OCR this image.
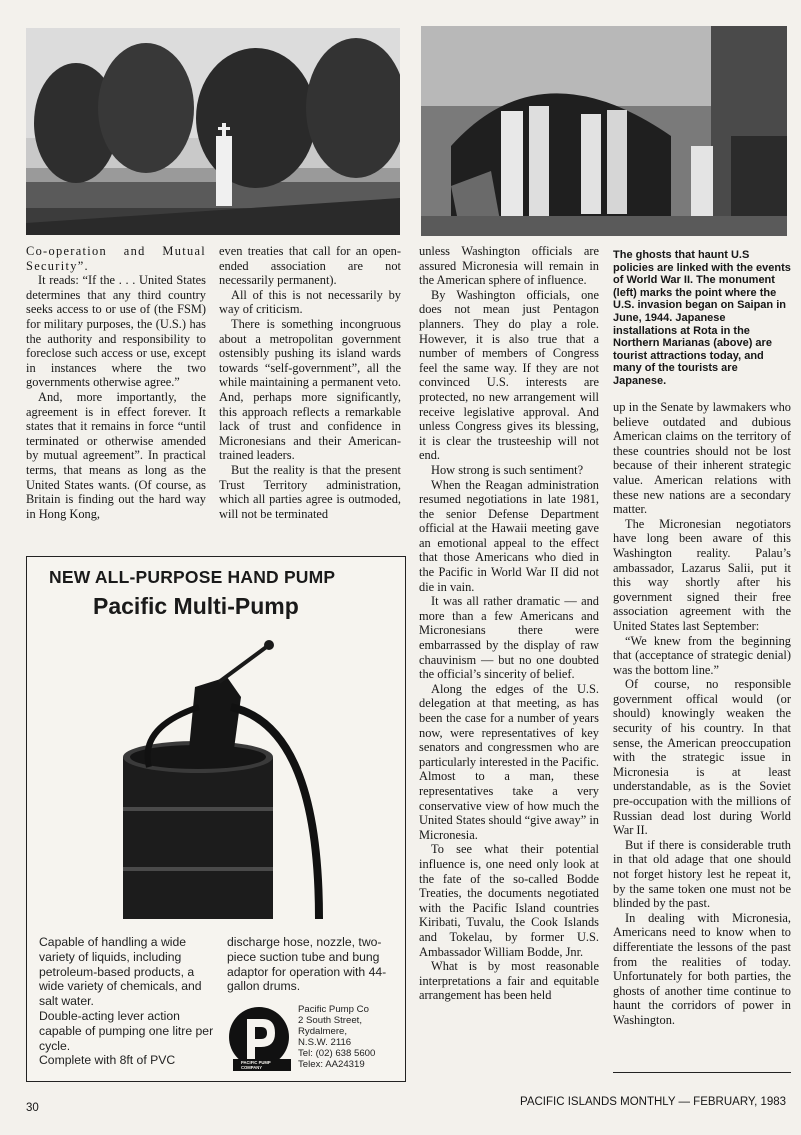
Co-operation and Mutual Security”.

It reads: “If the . . . United States determines that any third country seeks access to or use of (the FSM) for military purposes, the (U.S.) has the authority and responsibility to foreclose such access or use, except in instances where the two governments otherwise agree.”

And, more importantly, the agreement is in effect forever. It states that it remains in force “until terminated or otherwise amended by mutual agreement”. In practical terms, that means as long as the United States wants. (Of course, as Britain is finding out the hard way in Hong Kong,

even treaties that call for an open-ended association are not necessarily permanent).

All of this is not necessarily by way of criticism.

There is something incongruous about a metropolitan government ostensibly pushing its island wards towards “self-government”, all the while maintaining a permanent veto. And, perhaps more significantly, this approach reflects a remarkable lack of trust and confidence in Micronesians and their American-trained leaders.

But the reality is that the present Trust Territory administration, which all parties agree is outmoded, will not be terminated

unless Washington officials are assured Micronesia will remain in the American sphere of influence.

By Washington officials, one does not mean just Pentagon planners. They do play a role. However, it is also true that a number of members of Congress feel the same way. If they are not convinced U.S. interests are protected, no new arrangement will receive legislative approval. And unless Congress gives its blessing, it is clear the trusteeship will not end.

How strong is such sentiment?

When the Reagan administration resumed negotiations in late 1981, the senior Defense Department official at the Hawaii meeting gave an emotional appeal to the effect that those Americans who died in the Pacific in World War II did not die in vain.

It was all rather dramatic — and more than a few Americans and Micronesians there were embarrassed by the display of raw chauvinism — but no one doubted the official’s sincerity of belief.

Along the edges of the U.S. delegation at that meeting, as has been the case for a number of years now, were representatives of key senators and congressmen who are particularly interested in the Pacific. Almost to a man, these representatives take a very conservative view of how much the United States should “give away” in Micronesia.

To see what their potential influence is, one need only look at the fate of the so-called Bodde Treaties, the documents negotiated with the Pacific Island countries Kiribati, Tuvalu, the Cook Islands and Tokelau, by former U.S. Ambassador William Bodde, Jnr.

What is by most reasonable interpretations a fair and equitable arrangement has been held

The ghosts that haunt U.S policies are linked with the events of World War II. The monument (left) marks the point where the U.S. invasion began on Saipan in June, 1944. Japanese installations at Rota in the Northern Marianas (above) are tourist attractions today, and many of the tourists are Japanese.

up in the Senate by lawmakers who believe outdated and dubious American claims on the territory of these countries should not be lost because of their inherent strategic value. American relations with these new nations are a secondary matter.

The Micronesian negotiators have long been aware of this Washington reality. Palau’s ambassador, Lazarus Salii, put it this way shortly after his government signed their free association agreement with the United States last September:

“We knew from the beginning that (acceptance of strategic denial) was the bottom line.”

Of course, no responsible government offical would (or should) knowingly weaken the security of his country. In that sense, the American preoccupation with the strategic issue in Micronesia is at least understandable, as is the Soviet pre-occupation with the millions of Russian dead lost during World War II.

But if there is considerable truth in that old adage that one should not forget history lest he repeat it, by the same token one must not be blinded by the past.

In dealing with Micronesia, Americans need to know when to differentiate the lessons of the past from the realities of today. Unfortunately for both parties, the ghosts of another time continue to haunt the corridors of power in Washington.

NEW ALL-PURPOSE HAND PUMP
Pacific Multi-Pump
Capable of handling a wide variety of liquids, including petroleum-based products, a wide variety of chemicals, and salt water.
Double-acting lever action capable of pumping one litre per cycle.
Complete with 8ft of PVC
discharge hose, nozzle, two-piece suction tube and bung adaptor for operation with 44-gallon drums.
PACIFIC PUMP COMPANY
Pacific Pump Co
2 South Street,
Rydalmere,
N.S.W. 2116
Tel: (02) 638 5600
Telex: AA24319
30	PACIFIC ISLANDS MONTHLY — FEBRUARY, 1983
